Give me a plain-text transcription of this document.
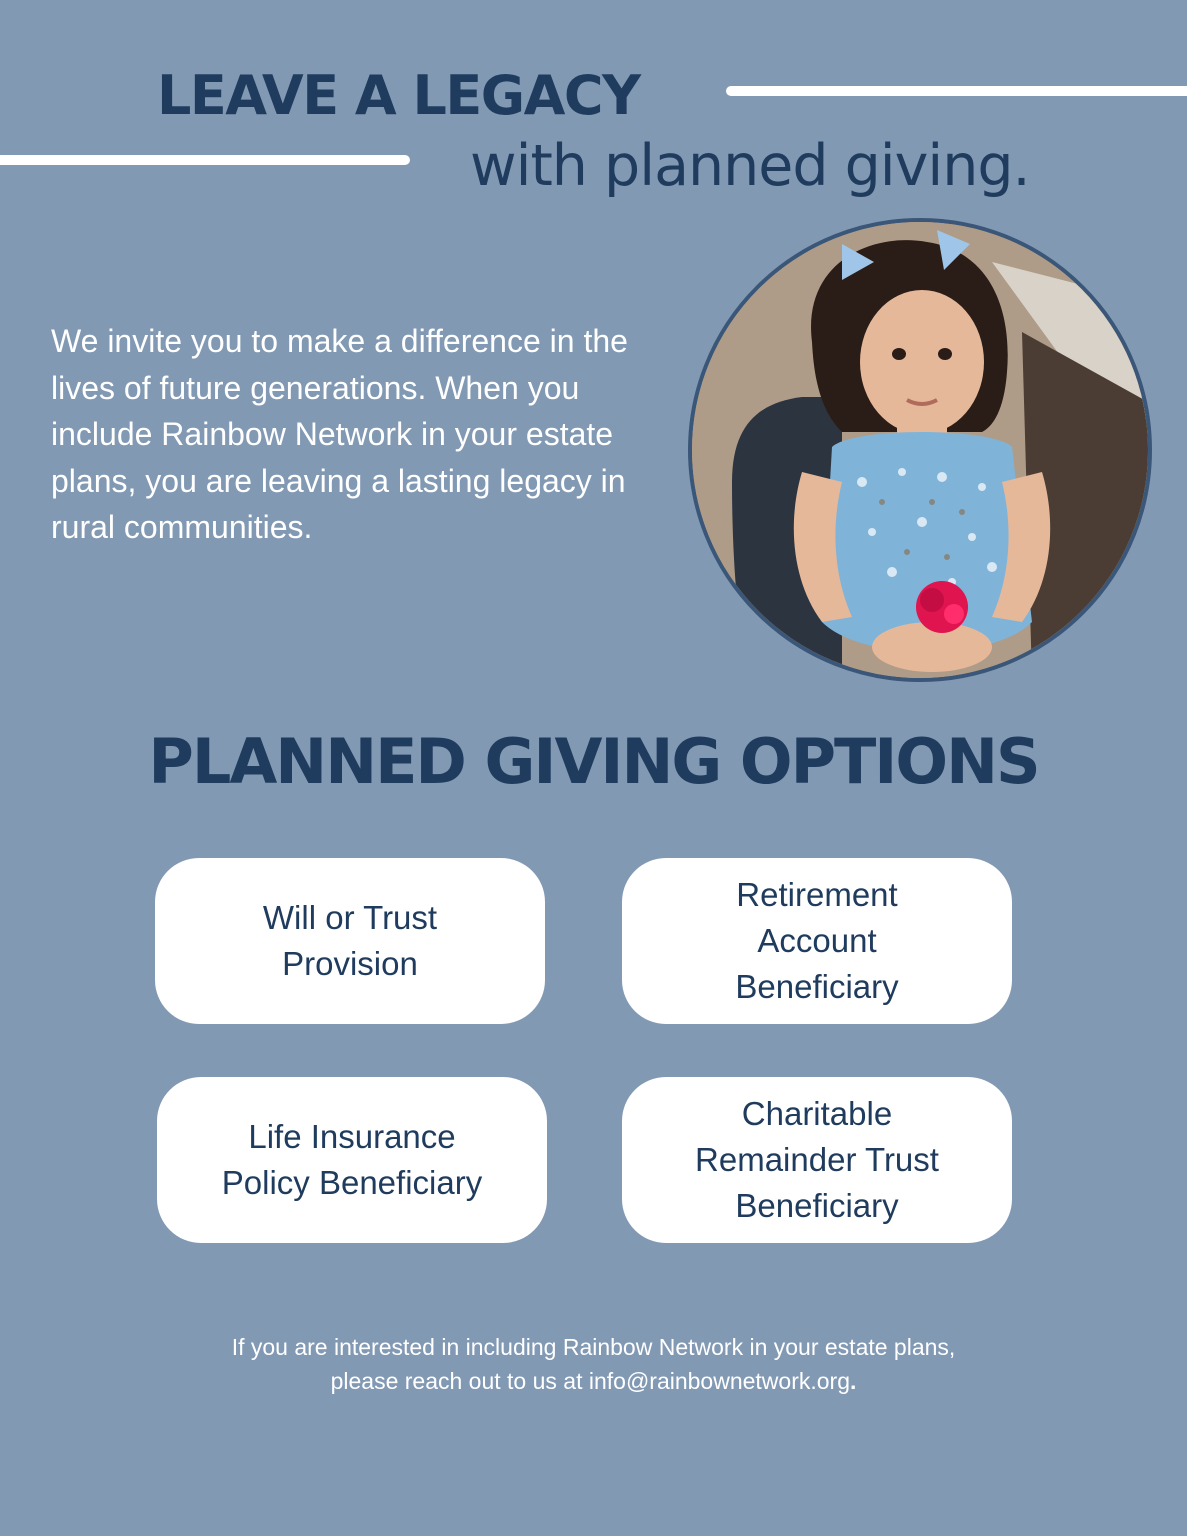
LEAVE A LEGACY
with planned giving.

We invite you to make a difference in the lives of future generations. When you include Rainbow Network in your estate plans, you are leaving a lasting legacy in rural communities.

PLANNED GIVING OPTIONS
Will or Trust Provision
Retirement Account Beneficiary
Life Insurance Policy Beneficiary
Charitable Remainder Trust Beneficiary

If you are interested in including Rainbow Network in your estate plans,
please reach out to us at info@rainbownetwork.org.
